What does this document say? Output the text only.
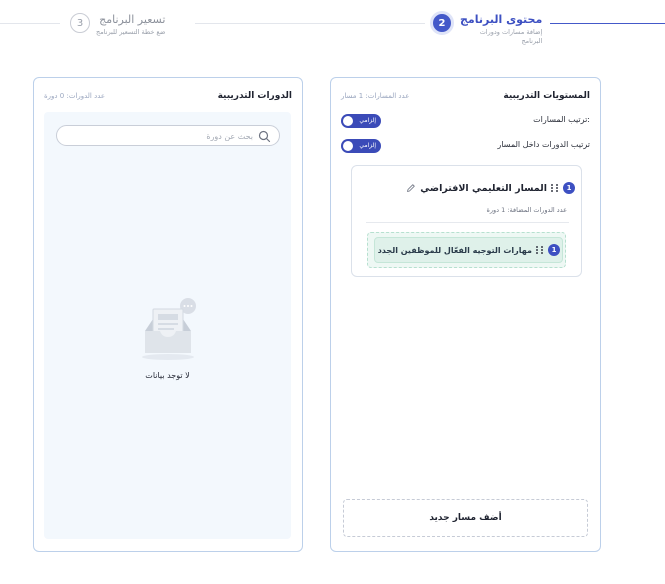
3	تسعير البرنامج
ضع خطة التسعير للبرنامج
2	محتوى البرنامج
إضافة مسارات ودورات البرنامج
المستويات التدريبية
عدد المسارات: 1 مسار
ترتيب المسارات:
إلزامي
ترتيب الدورات داخل المسار
إلزامي
1
المسار التعليمي الافتراضي
عدد الدورات المضافة: 1 دورة
1
مهارات التوجيه الفعّال للموظفين الجدد
أضف مسار جديد
الدورات التدريبية
عدد الدورات: 0 دورة
بحث عن دورة
لا توجد بيانات
